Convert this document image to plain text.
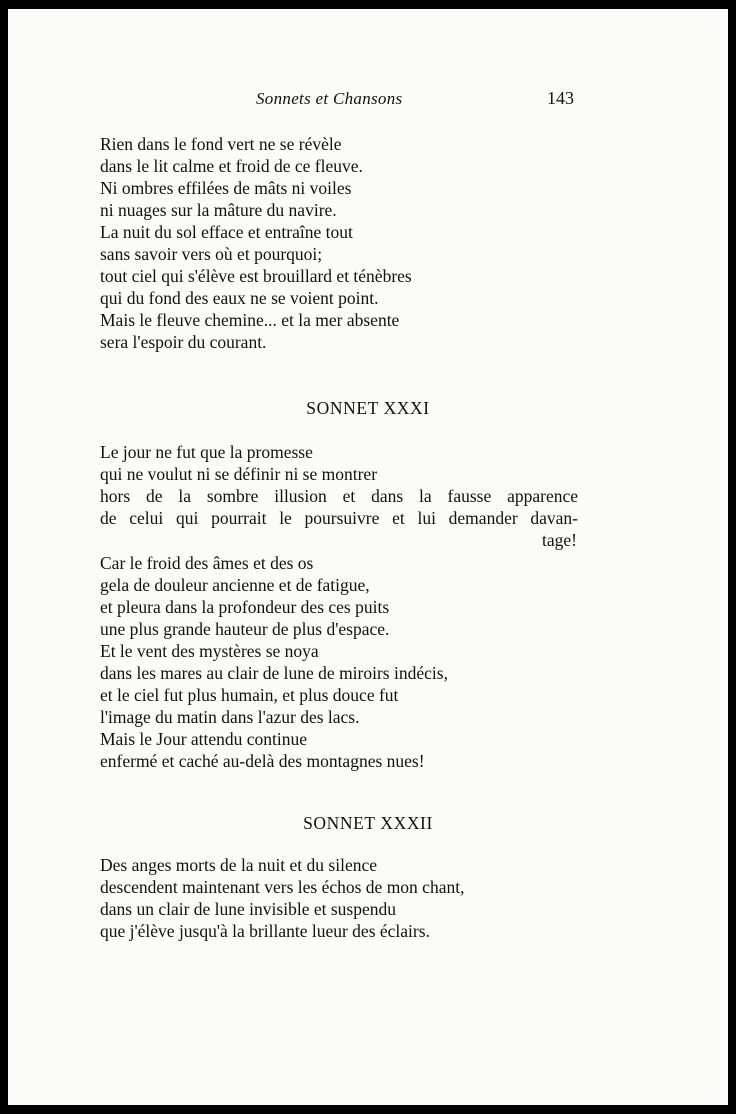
Sonnets et Chansons	143
Rien dans le fond vert ne se révèle
dans le lit calme et froid de ce fleuve.
Ni ombres effilées de mâts ni voiles
ni nuages sur la mâture du navire.
La nuit du sol efface et entraîne tout
sans savoir vers où et pourquoi;
tout ciel qui s'élève est brouillard et ténèbres
qui du fond des eaux ne se voient point.
Mais le fleuve chemine... et la mer absente
sera l'espoir du courant.
SONNET XXXI
Le jour ne fut que la promesse
qui ne voulut ni se définir ni se montrer
hors de la sombre illusion et dans la fausse apparence
de celui qui pourrait le poursuivre et lui demander davan-
tage!
Car le froid des âmes et des os
gela de douleur ancienne et de fatigue,
et pleura dans la profondeur des ces puits
une plus grande hauteur de plus d'espace.
Et le vent des mystères se noya
dans les mares au clair de lune de miroirs indécis,
et le ciel fut plus humain, et plus douce fut
l'image du matin dans l'azur des lacs.
Mais le Jour attendu continue
enfermé et caché au-delà des montagnes nues!
SONNET XXXII
Des anges morts de la nuit et du silence
descendent maintenant vers les échos de mon chant,
dans un clair de lune invisible et suspendu
que j'élève jusqu'à la brillante lueur des éclairs.
